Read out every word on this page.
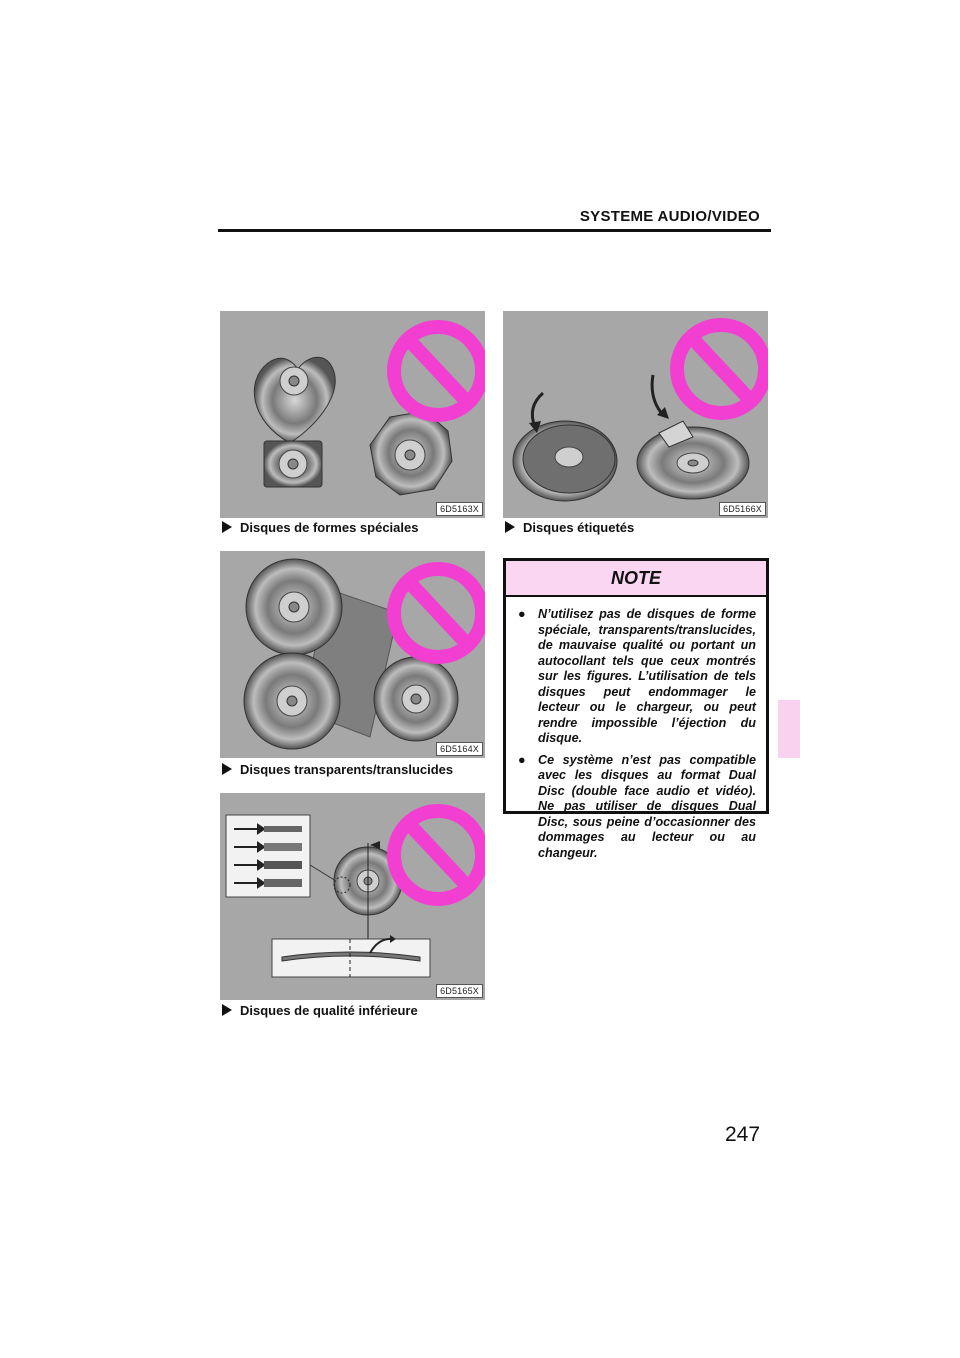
SYSTEME AUDIO/VIDEO
6D5163X
Disques de formes spéciales
6D5164X
Disques transparents/translucides
6D5165X
Disques de qualité inférieure
6D5166X
Disques étiquetés
NOTE
● N’utilisez pas de disques de forme spéciale, transparents/translucides, de mauvaise qualité ou portant un autocollant tels que ceux montrés sur les figures. L’utilisation de tels disques peut endommager le lecteur ou le chargeur, ou peut rendre impossible l’éjection du disque.
● Ce système n’est pas compatible avec les disques au format Dual Disc (double face audio et vidéo). Ne pas utiliser de disques Dual Disc, sous peine d’occasionner des dommages au lecteur ou au changeur.
247
